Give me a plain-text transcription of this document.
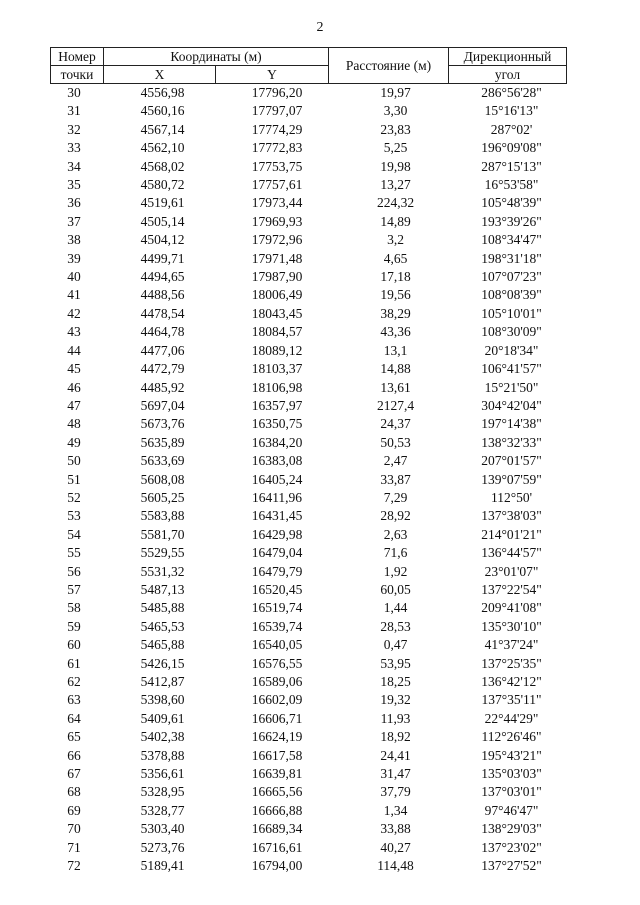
2
Номер	Координаты (м)		Расстояние (м)	Дирекционный
точки	X	Y		угол
30	4556,98	17796,20	19,97	286°56'28"
31	4560,16	17797,07	3,30	15°16'13"
32	4567,14	17774,29	23,83	287°02'
33	4562,10	17772,83	5,25	196°09'08"
34	4568,02	17753,75	19,98	287°15'13"
35	4580,72	17757,61	13,27	16°53'58"
36	4519,61	17973,44	224,32	105°48'39"
37	4505,14	17969,93	14,89	193°39'26"
38	4504,12	17972,96	3,2	108°34'47"
39	4499,71	17971,48	4,65	198°31'18"
40	4494,65	17987,90	17,18	107°07'23"
41	4488,56	18006,49	19,56	108°08'39"
42	4478,54	18043,45	38,29	105°10'01"
43	4464,78	18084,57	43,36	108°30'09"
44	4477,06	18089,12	13,1	20°18'34"
45	4472,79	18103,37	14,88	106°41'57"
46	4485,92	18106,98	13,61	15°21'50"
47	5697,04	16357,97	2127,4	304°42'04"
48	5673,76	16350,75	24,37	197°14'38"
49	5635,89	16384,20	50,53	138°32'33"
50	5633,69	16383,08	2,47	207°01'57"
51	5608,08	16405,24	33,87	139°07'59"
52	5605,25	16411,96	7,29	112°50'
53	5583,88	16431,45	28,92	137°38'03"
54	5581,70	16429,98	2,63	214°01'21"
55	5529,55	16479,04	71,6	136°44'57"
56	5531,32	16479,79	1,92	23°01'07"
57	5487,13	16520,45	60,05	137°22'54"
58	5485,88	16519,74	1,44	209°41'08"
59	5465,53	16539,74	28,53	135°30'10"
60	5465,88	16540,05	0,47	41°37'24"
61	5426,15	16576,55	53,95	137°25'35"
62	5412,87	16589,06	18,25	136°42'12"
63	5398,60	16602,09	19,32	137°35'11"
64	5409,61	16606,71	11,93	22°44'29"
65	5402,38	16624,19	18,92	112°26'46"
66	5378,88	16617,58	24,41	195°43'21"
67	5356,61	16639,81	31,47	135°03'03"
68	5328,95	16665,56	37,79	137°03'01"
69	5328,77	16666,88	1,34	97°46'47"
70	5303,40	16689,34	33,88	138°29'03"
71	5273,76	16716,61	40,27	137°23'02"
72	5189,41	16794,00	114,48	137°27'52"
